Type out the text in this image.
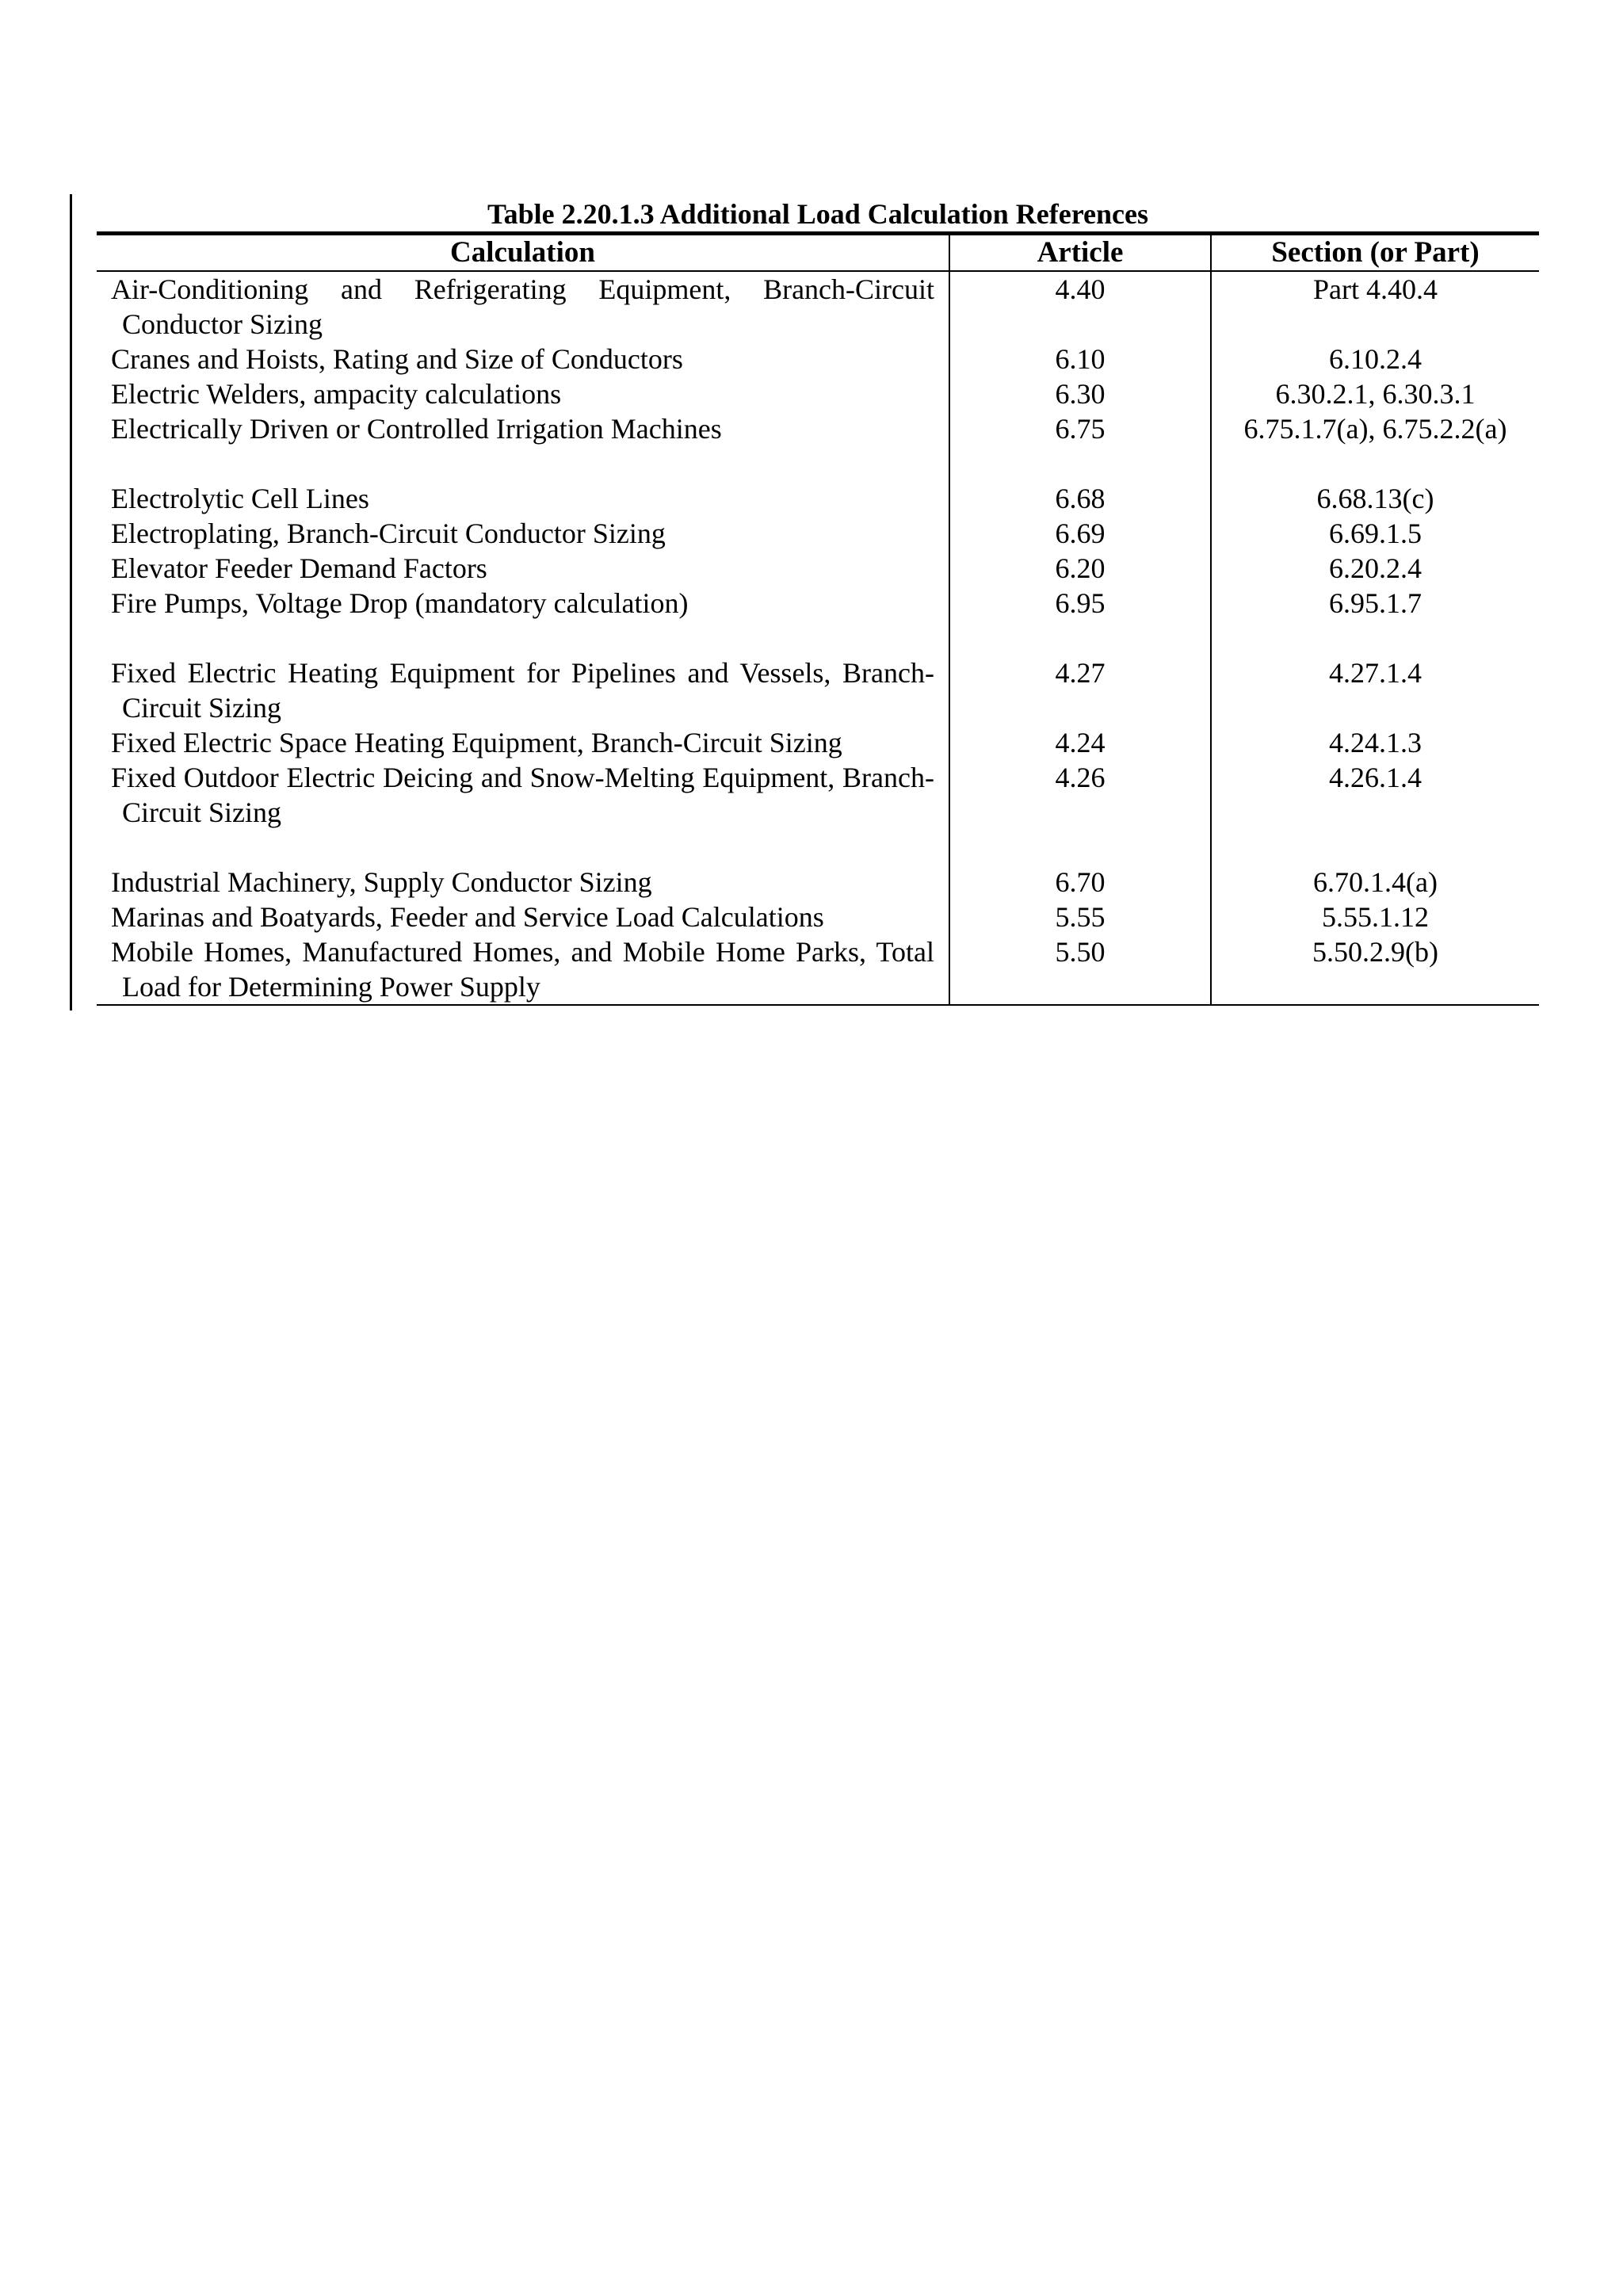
Table 2.20.1.3 Additional Load Calculation References
Calculation	Article	Section (or Part)
Air-Conditioning and Refrigerating Equipment, Branch-Circuit Conductor Sizing	4.40	Part 4.40.4
Cranes and Hoists, Rating and Size of Conductors	6.10	6.10.2.4
Electric Welders, ampacity calculations	6.30	6.30.2.1, 6.30.3.1
Electrically Driven or Controlled Irrigation Machines	6.75	6.75.1.7(a), 6.75.2.2(a)
Electrolytic Cell Lines	6.68	6.68.13(c)
Electroplating, Branch-Circuit Conductor Sizing	6.69	6.69.1.5
Elevator Feeder Demand Factors	6.20	6.20.2.4
Fire Pumps, Voltage Drop (mandatory calculation)	6.95	6.95.1.7
Fixed Electric Heating Equipment for Pipelines and Vessels, Branch-Circuit Sizing	4.27	4.27.1.4
Fixed Electric Space Heating Equipment, Branch-Circuit Sizing	4.24	4.24.1.3
Fixed Outdoor Electric Deicing and Snow-Melting Equipment, Branch-Circuit Sizing	4.26	4.26.1.4
Industrial Machinery, Supply Conductor Sizing	6.70	6.70.1.4(a)
Marinas and Boatyards, Feeder and Service Load Calculations	5.55	5.55.1.12
Mobile Homes, Manufactured Homes, and Mobile Home Parks, Total Load for Determining Power Supply	5.50	5.50.2.9(b)
